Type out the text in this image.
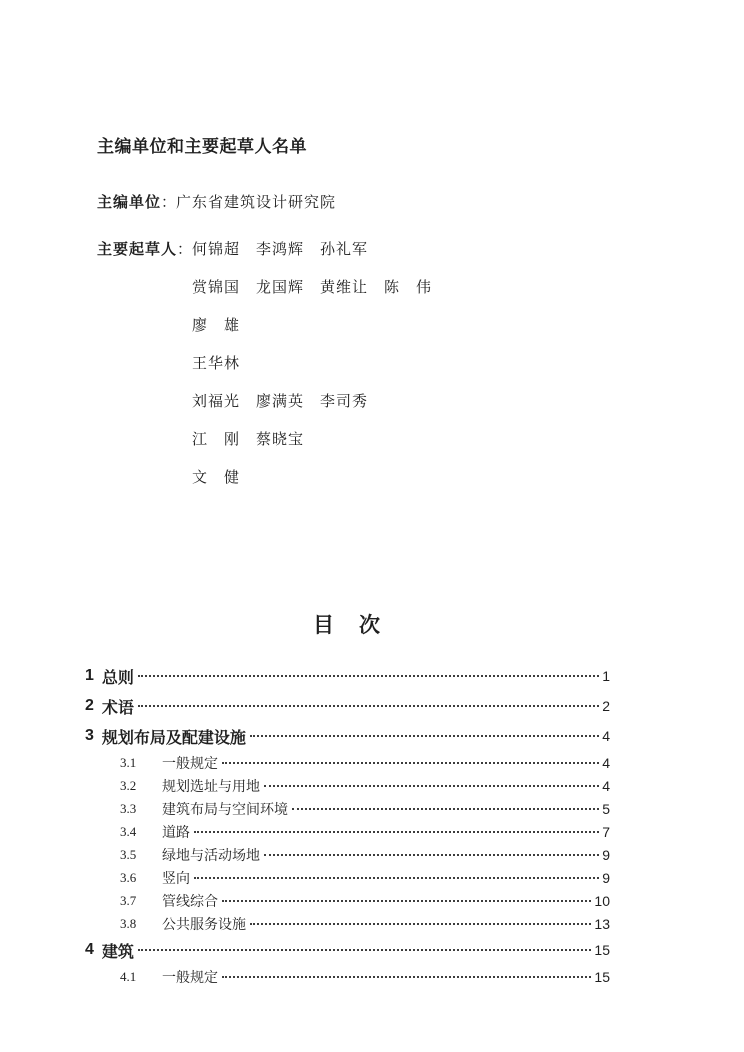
主编单位和主要起草人名单
主编单位 ： 广东省建筑设计研究院
主要起草人 ： 何锦超　李鸿辉　孙礼军
赏锦国　龙国辉　黄维让　陈　伟
廖　雄
王华林
刘福光　廖满英　李司秀
江　刚　蔡晓宝
文　健
目　次
1 总则	1
2 术语	2
3 规划布局及配建设施	4
3.1	一般规定	4
3.2	规划选址与用地	4
3.3	建筑布局与空间环境	5
3.4	道路	7
3.5	绿地与活动场地	9
3.6	竖向	9
3.7	管线综合	10
3.8	公共服务设施	13
4 建筑	15
4.1	一般规定	15
